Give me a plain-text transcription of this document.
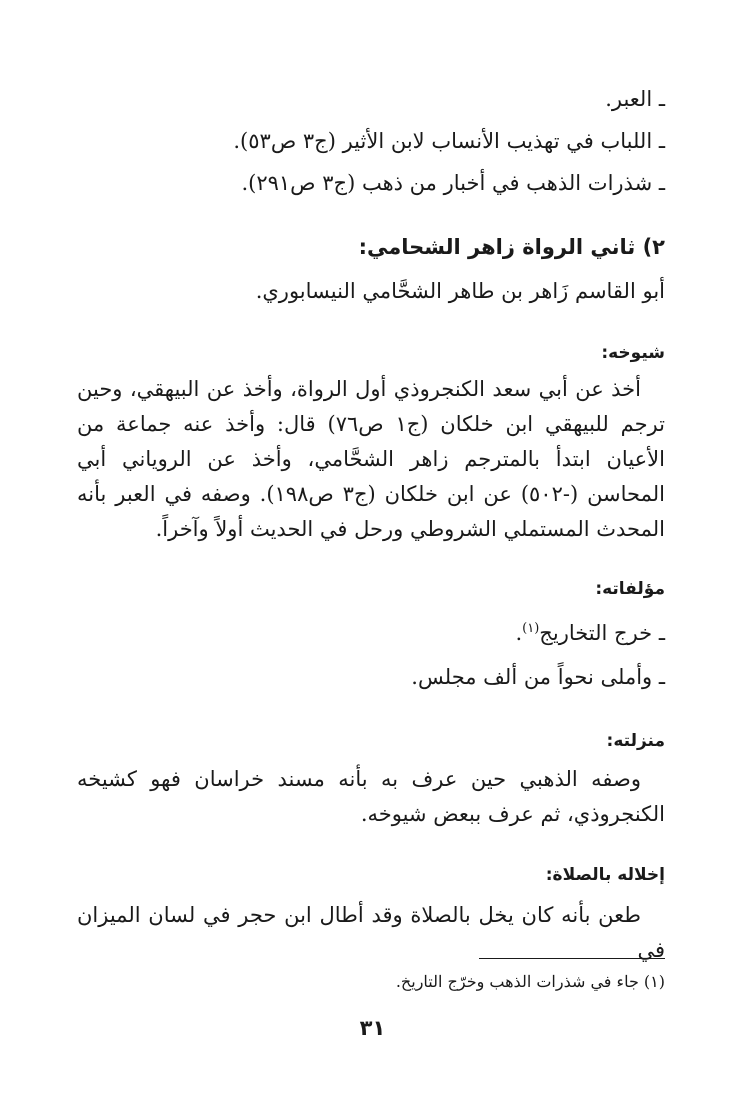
ـ العبر.
ـ اللباب في تهذيب الأنساب لابن الأثير (ج٣ ص٥٣).
ـ شذرات الذهب في أخبار من ذهب (ج٣ ص٢٩١).
٢) ثاني الرواة زاهر الشحامي:
أبو القاسم زَاهر بن طاهر الشحَّامي النيسابوري.
شيوخه:
أخذ عن أبي سعد الكنجروذي أول الرواة، وأخذ عن البيهقي، وحين ترجم للبيهقي ابن خلكان (ج١ ص٧٦) قال: وأخذ عنه جماعة من الأعيان ابتدأ بالمترجم زاهر الشحَّامي، وأخذ عن الروياني أبي المحاسن (-٥٠٢) عن ابن خلكان (ج٣ ص١٩٨). وصفه في العبر بأنه المحدث المستملي الشروطي ورحل في الحديث أولاً وآخراً.
مؤلفاته:
ـ خرج التخاريج$^{(١)}$.
ـ وأملى نحواً من ألف مجلس.
منزلته:
وصفه الذهبي حين عرف به بأنه مسند خراسان فهو كشيخه الكنجروذي، ثم عرف ببعض شيوخه.
إخلاله بالصلاة:
طعن بأنه كان يخل بالصلاة وقد أطال ابن حجر في لسان الميزان في
(١) جاء في شذرات الذهب وخرّج التاريخ.
٣١
